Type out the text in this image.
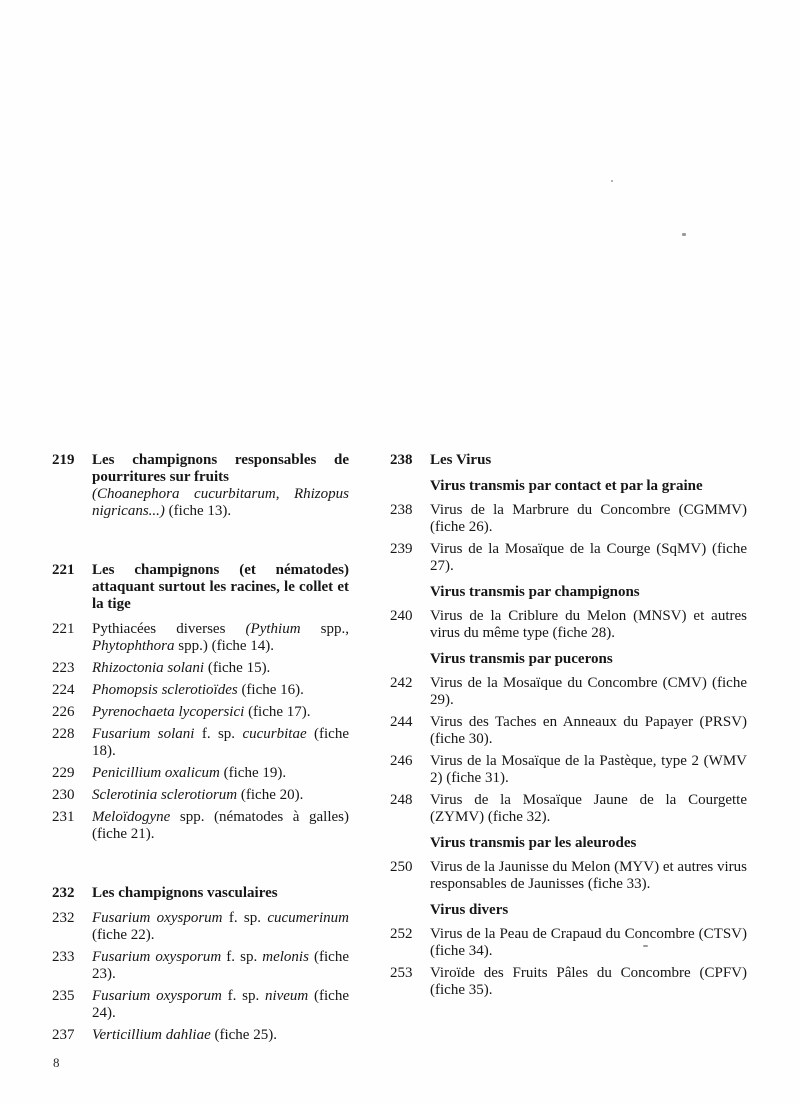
219	Les champignons responsables de pourritures sur fruits
(Choanephora cucurbitarum, Rhizopus nigricans...) (fiche 13).
221	Les champignons (et nématodes) attaquant surtout les racines, le collet et la tige
221	Pythiacées diverses (Pythium spp., Phytophthora spp.) (fiche 14).
223	Rhizoctonia solani (fiche 15).
224	Phomopsis sclerotioïdes (fiche 16).
226	Pyrenochaeta lycopersici (fiche 17).
228	Fusarium solani f. sp. cucurbitae (fiche 18).
229	Penicillium oxalicum (fiche 19).
230	Sclerotinia sclerotiorum (fiche 20).
231	Meloïdogyne spp. (nématodes à galles) (fiche 21).
232	Les champignons vasculaires
232	Fusarium oxysporum f. sp. cucumerinum (fiche 22).
233	Fusarium oxysporum f. sp. melonis (fiche 23).
235	Fusarium oxysporum f. sp. niveum (fiche 24).
237	Verticillium dahliae (fiche 25).
238	Les Virus
Virus transmis par contact et par la graine
238	Virus de la Marbrure du Concombre (CGMMV) (fiche 26).
239	Virus de la Mosaïque de la Courge (SqMV) (fiche 27).
Virus transmis par champignons
240	Virus de la Criblure du Melon (MNSV) et autres virus du même type (fiche 28).
Virus transmis par pucerons
242	Virus de la Mosaïque du Concombre (CMV) (fiche 29).
244	Virus des Taches en Anneaux du Papayer (PRSV) (fiche 30).
246	Virus de la Mosaïque de la Pastèque, type 2 (WMV 2) (fiche 31).
248	Virus de la Mosaïque Jaune de la Courgette (ZYMV) (fiche 32).
Virus transmis par les aleurodes
250	Virus de la Jaunisse du Melon (MYV) et autres virus responsables de Jaunisses (fiche 33).
Virus divers
252	Virus de la Peau de Crapaud du Concombre (CTSV) (fiche 34).
253	Viroïde des Fruits Pâles du Concombre (CPFV) (fiche 35).
8
